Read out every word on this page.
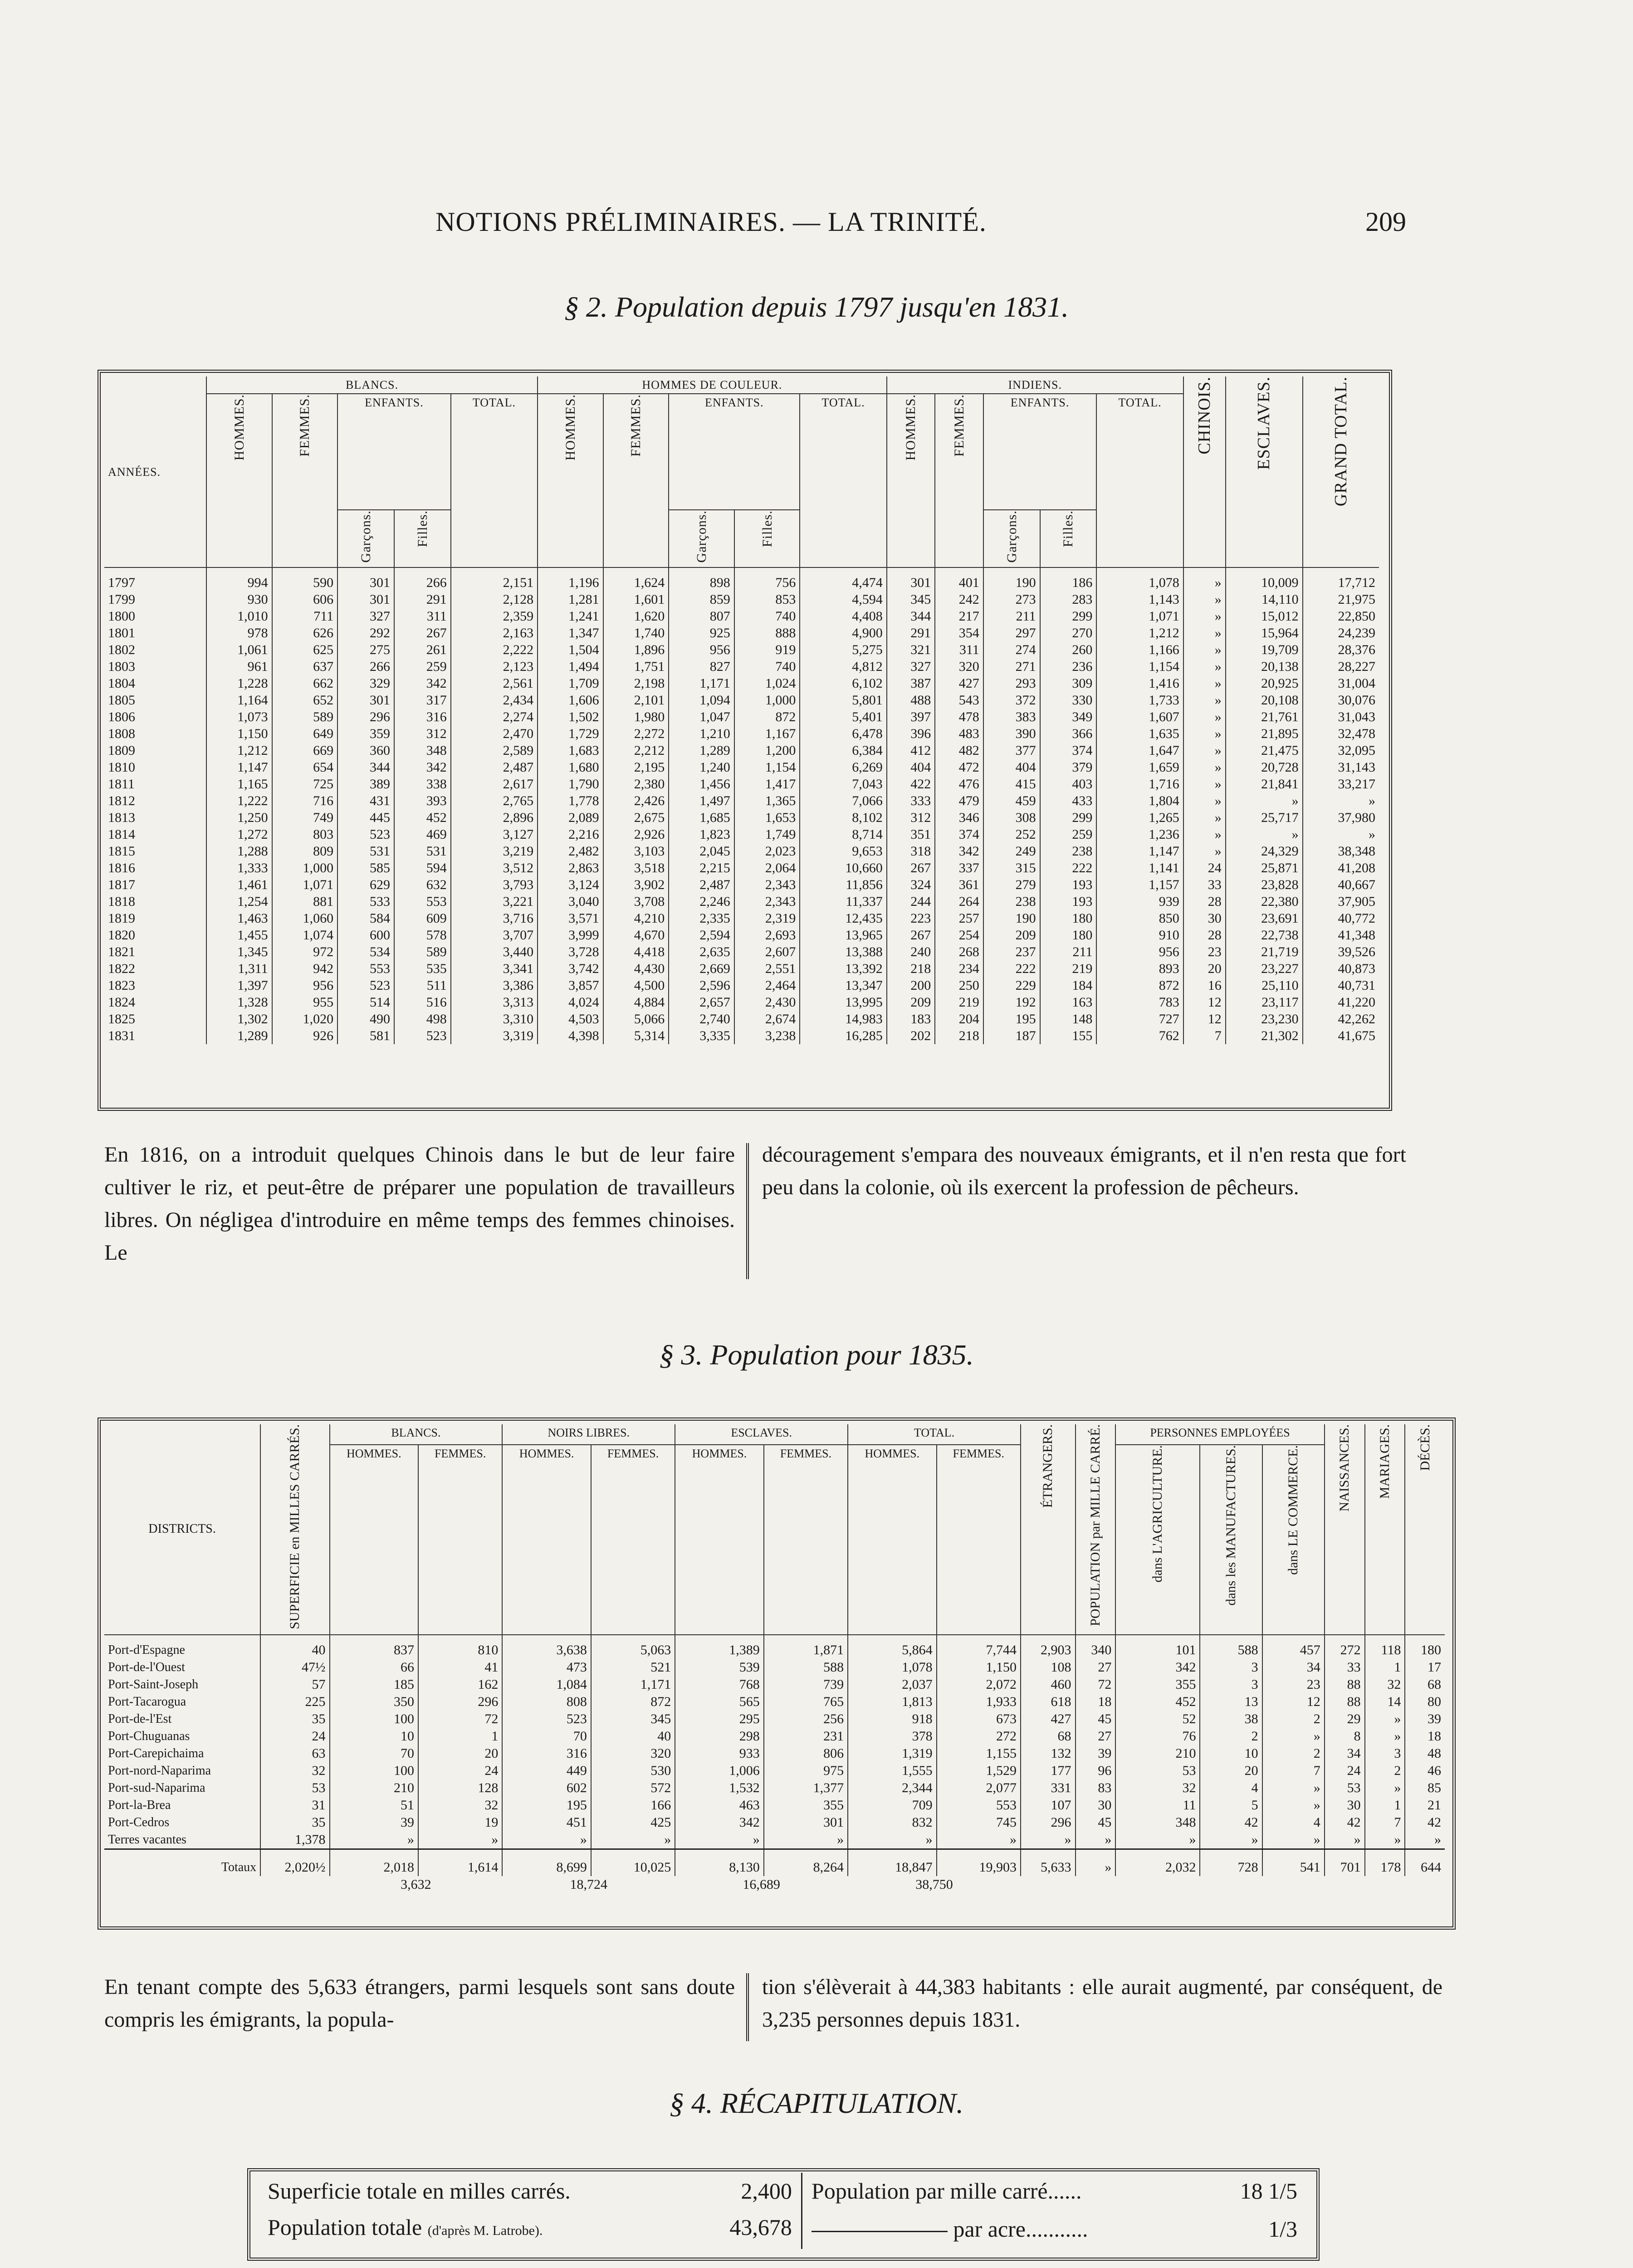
NOTIONS PRÉLIMINAIRES. — LA TRINITÉ.	209
§ 2. Population depuis 1797 jusqu'en 1831.
ANNÉES.	BLANCS.					HOMMES DE COULEUR.					INDIENS.					CHINOIS.	ESCLAVES.	GRAND TOTAL.
	HOMMES.	FEMMES.	ENFANTS.		TOTAL.	HOMMES.	FEMMES.	ENFANTS.		TOTAL.	HOMMES.	FEMMES.	ENFANTS.		TOTAL.			
			Garçons.	Filles.				Garçons.	Filles.				Garçons.	Filles.				
1797	994	590	301	266	2,151	1,196	1,624	898	756	4,474	301	401	190	186	1,078	»	10,009	17,712
1799	930	606	301	291	2,128	1,281	1,601	859	853	4,594	345	242	273	283	1,143	»	14,110	21,975
1800	1,010	711	327	311	2,359	1,241	1,620	807	740	4,408	344	217	211	299	1,071	»	15,012	22,850
1801	978	626	292	267	2,163	1,347	1,740	925	888	4,900	291	354	297	270	1,212	»	15,964	24,239
1802	1,061	625	275	261	2,222	1,504	1,896	956	919	5,275	321	311	274	260	1,166	»	19,709	28,376
1803	961	637	266	259	2,123	1,494	1,751	827	740	4,812	327	320	271	236	1,154	»	20,138	28,227
1804	1,228	662	329	342	2,561	1,709	2,198	1,171	1,024	6,102	387	427	293	309	1,416	»	20,925	31,004
1805	1,164	652	301	317	2,434	1,606	2,101	1,094	1,000	5,801	488	543	372	330	1,733	»	20,108	30,076
1806	1,073	589	296	316	2,274	1,502	1,980	1,047	872	5,401	397	478	383	349	1,607	»	21,761	31,043
1808	1,150	649	359	312	2,470	1,729	2,272	1,210	1,167	6,478	396	483	390	366	1,635	»	21,895	32,478
1809	1,212	669	360	348	2,589	1,683	2,212	1,289	1,200	6,384	412	482	377	374	1,647	»	21,475	32,095
1810	1,147	654	344	342	2,487	1,680	2,195	1,240	1,154	6,269	404	472	404	379	1,659	»	20,728	31,143
1811	1,165	725	389	338	2,617	1,790	2,380	1,456	1,417	7,043	422	476	415	403	1,716	»	21,841	33,217
1812	1,222	716	431	393	2,765	1,778	2,426	1,497	1,365	7,066	333	479	459	433	1,804	»	»	»
1813	1,250	749	445	452	2,896	2,089	2,675	1,685	1,653	8,102	312	346	308	299	1,265	»	25,717	37,980
1814	1,272	803	523	469	3,127	2,216	2,926	1,823	1,749	8,714	351	374	252	259	1,236	»	»	»
1815	1,288	809	531	531	3,219	2,482	3,103	2,045	2,023	9,653	318	342	249	238	1,147	»	24,329	38,348
1816	1,333	1,000	585	594	3,512	2,863	3,518	2,215	2,064	10,660	267	337	315	222	1,141	24	25,871	41,208
1817	1,461	1,071	629	632	3,793	3,124	3,902	2,487	2,343	11,856	324	361	279	193	1,157	33	23,828	40,667
1818	1,254	881	533	553	3,221	3,040	3,708	2,246	2,343	11,337	244	264	238	193	939	28	22,380	37,905
1819	1,463	1,060	584	609	3,716	3,571	4,210	2,335	2,319	12,435	223	257	190	180	850	30	23,691	40,772
1820	1,455	1,074	600	578	3,707	3,999	4,670	2,594	2,693	13,965	267	254	209	180	910	28	22,738	41,348
1821	1,345	972	534	589	3,440	3,728	4,418	2,635	2,607	13,388	240	268	237	211	956	23	21,719	39,526
1822	1,311	942	553	535	3,341	3,742	4,430	2,669	2,551	13,392	218	234	222	219	893	20	23,227	40,873
1823	1,397	956	523	511	3,386	3,857	4,500	2,596	2,464	13,347	200	250	229	184	872	16	25,110	40,731
1824	1,328	955	514	516	3,313	4,024	4,884	2,657	2,430	13,995	209	219	192	163	783	12	23,117	41,220
1825	1,302	1,020	490	498	3,310	4,503	5,066	2,740	2,674	14,983	183	204	195	148	727	12	23,230	42,262
1831	1,289	926	581	523	3,319	4,398	5,314	3,335	3,238	16,285	202	218	187	155	762	7	21,302	41,675
En 1816, on a introduit quelques Chinois dans le but de leur faire cultiver le riz, et peut-être de préparer une population de travailleurs libres. On négligea d'introduire en même temps des femmes chinoises. Le
découragement s'empara des nouveaux émigrants, et il n'en resta que fort peu dans la colonie, où ils exercent la profession de pêcheurs.
§ 3. Population pour 1835.
DISTRICTS.	SUPERFICIE en MILLES CARRÉS.	BLANCS.		NOIRS LIBRES.		ESCLAVES.		TOTAL.		ÉTRANGERS.	POPULATION par MILLE CARRÉ.	PERSONNES EMPLOYÉES			NAISSANCES.	MARIAGES.	DÉCÈS.
		HOMMES.	FEMMES.	HOMMES.	FEMMES.	HOMMES.	FEMMES.	HOMMES.	FEMMES.			dans L'AGRICULTURE.	dans les MANUFACTURES.	dans LE COMMERCE.			
Port-d'Espagne	40	837	810	3,638	5,063	1,389	1,871	5,864	7,744	2,903	340	101	588	457	272	118	180
Port-de-l'Ouest	47½	66	41	473	521	539	588	1,078	1,150	108	27	342	3	34	33	1	17
Port-Saint-Joseph	57	185	162	1,084	1,171	768	739	2,037	2,072	460	72	355	3	23	88	32	68
Port-Tacarogua	225	350	296	808	872	565	765	1,813	1,933	618	18	452	13	12	88	14	80
Port-de-l'Est	35	100	72	523	345	295	256	918	673	427	45	52	38	2	29	»	39
Port-Chuguanas	24	10	1	70	40	298	231	378	272	68	27	76	2	»	8	»	18
Port-Carepichaima	63	70	20	316	320	933	806	1,319	1,155	132	39	210	10	2	34	3	48
Port-nord-Naparima	32	100	24	449	530	1,006	975	1,555	1,529	177	96	53	20	7	24	2	46
Port-sud-Naparima	53	210	128	602	572	1,532	1,377	2,344	2,077	331	83	32	4	»	53	»	85
Port-la-Brea	31	51	32	195	166	463	355	709	553	107	30	11	5	»	30	1	21
Port-Cedros	35	39	19	451	425	342	301	832	745	296	45	348	42	4	42	7	42
Terres vacantes	1,378	»	»	»	»	»	»	»	»	»	»	»	»	»	»	»	»
Totaux	2,020½	2,018	1,614	8,699	10,025	8,130	8,264	18,847	19,903	5,633	»	2,032	728	541	701	178	644
		3,632		18,724		16,689		38,750									
En tenant compte des 5,633 étrangers, parmi lesquels sont sans doute compris les émigrants, la popula-
tion s'élèverait à 44,383 habitants : elle aurait augmenté, par conséquent, de 3,235 personnes depuis 1831.
§ 4. RÉCAPITULATION.
Superficie totale en milles carrés. 2,400	Population par mille carré...... 18 1/5

Population totale (d'après M. Latrobe). 43,678	par acre........... 1/3
